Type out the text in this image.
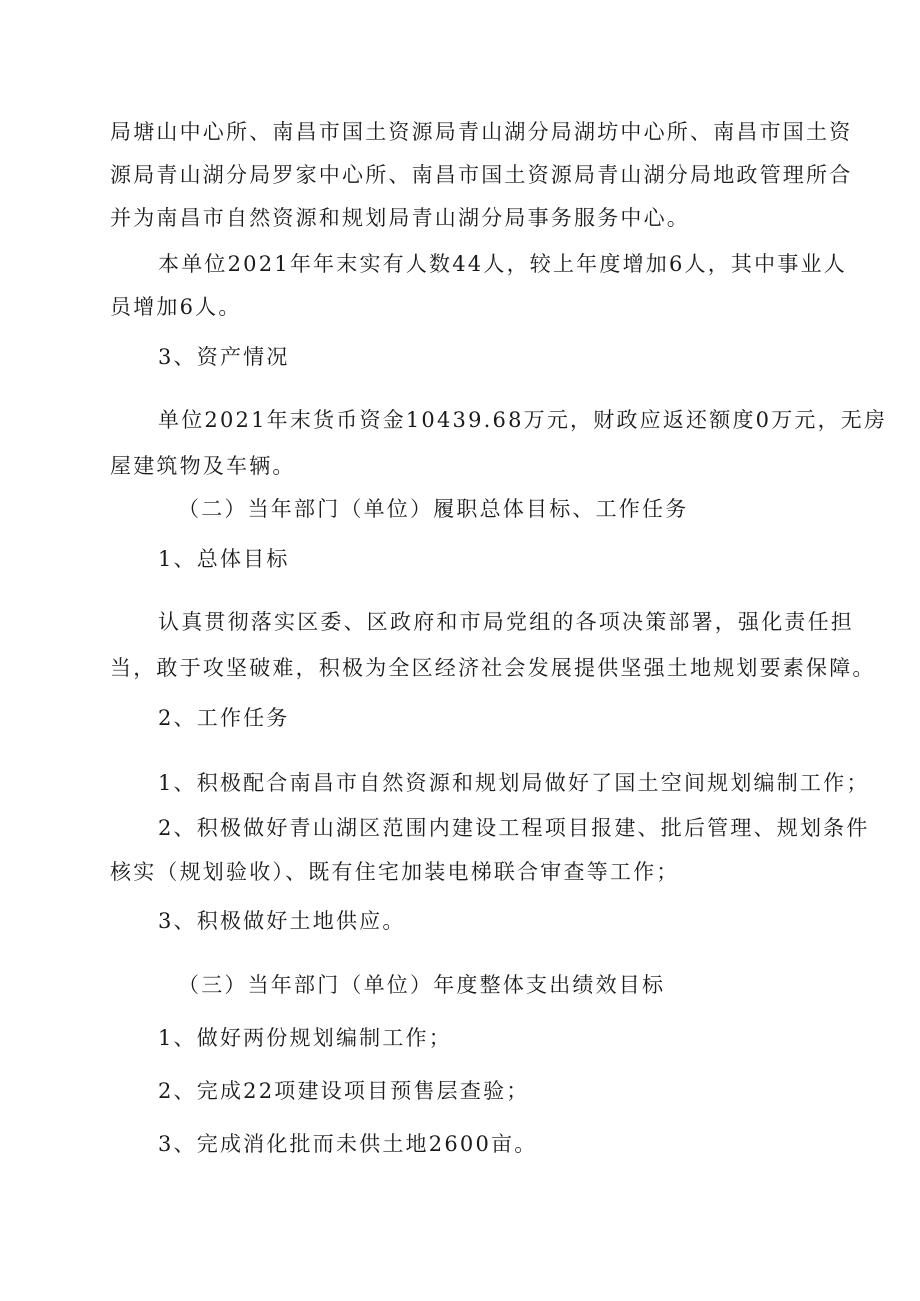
局塘山中心所、南昌市国土资源局青山湖分局湖坊中心所、南昌市国土资
源局青山湖分局罗家中心所、南昌市国土资源局青山湖分局地政管理所合
并为南昌市自然资源和规划局青山湖分局事务服务中心。
本单位2021年年末实有人数44人，较上年度增加6人，其中事业人
员增加6人。
3、资产情况
单位2021年末货币资金10439.68万元，财政应返还额度0万元，无房
屋建筑物及车辆。
（二）当年部门（单位）履职总体目标、工作任务
1、总体目标
认真贯彻落实区委、区政府和市局党组的各项决策部署，强化责任担
当，敢于攻坚破难，积极为全区经济社会发展提供坚强土地规划要素保障。
2、工作任务
1、积极配合南昌市自然资源和规划局做好了国土空间规划编制工作；
2、积极做好青山湖区范围内建设工程项目报建、批后管理、规划条件
核实（规划验收）、既有住宅加装电梯联合审查等工作；
3、积极做好土地供应。
（三）当年部门（单位）年度整体支出绩效目标
1、做好两份规划编制工作；
2、完成22项建设项目预售层查验；
3、完成消化批而未供土地2600亩。
